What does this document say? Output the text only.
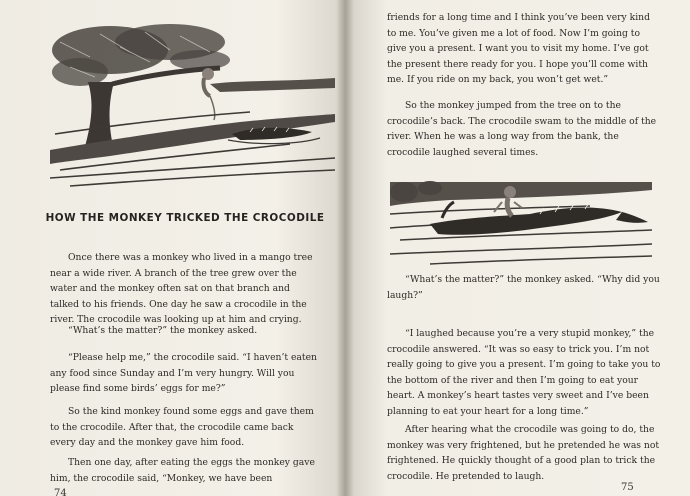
HOW THE MONKEY TRICKED THE CROCODILE

Once there was a monkey who lived in a mango tree near a wide river. A branch of the tree grew over the water and the monkey often sat on that branch and talked to his friends. One day he saw a crocodile in the river. The crocodile was looking up at him and crying.

“What’s the matter?” the monkey asked.

“Please help me,” the crocodile said. “I haven’t eaten any food since Sunday and I’m very hungry. Will you please find some birds’ eggs for me?”

So the kind monkey found some eggs and gave them to the crocodile. After that, the crocodile came back every day and the monkey gave him food.

Then one day, after eating the eggs the monkey gave him, the crocodile said, “Monkey, we have been

74

friends for a long time and I think you’ve been very kind to me. You’ve given me a lot of food. Now I’m going to give you a present. I want you to visit my home. I’ve got the present there ready for you. I hope you’ll come with me. If you ride on my back, you won’t get wet.”

So the monkey jumped from the tree on to the crocodile’s back. The crocodile swam to the middle of the river. When he was a long way from the bank, the crocodile laughed several times.

“What’s the matter?” the monkey asked. “Why did you laugh?”

“I laughed because you’re a very stupid monkey,” the crocodile answered. “It was so easy to trick you. I’m not really going to give you a present. I’m going to take you to the bottom of the river and then I’m going to eat your heart. A monkey’s heart tastes very sweet and I’ve been planning to eat your heart for a long time.”

After hearing what the crocodile was going to do, the monkey was very frightened, but he pretended he was not frightened. He quickly thought of a good plan to trick the crocodile. He pretended to laugh.

75
